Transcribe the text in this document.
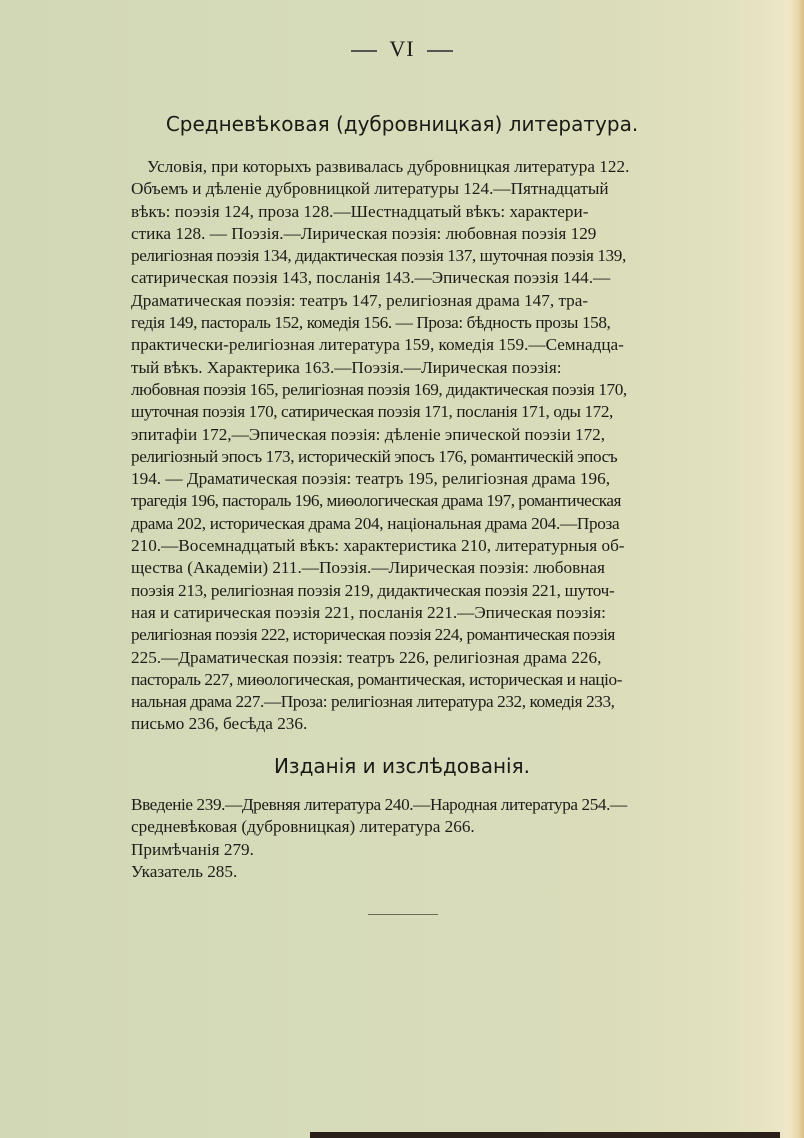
VI
Средневѣковая (дубровницкая) литература.
Условія, при которыхъ развивалась дубровницкая литература 122.
Объемъ и дѣленіе дубровницкой литературы 124.—Пятнадцатый
вѣкъ: поэзія 124, проза 128.—Шестнадцатый вѣкъ: характери-
стика 128. — Поэзія.—Лирическая поэзія: любовная поэзія 129
религіозная поэзія 134, дидактическая поэзія 137, шуточная поэзія 139,
сатирическая поэзія 143, посланія 143.—Эпическая поэзія 144.—
Драматическая поэзія: театръ 147, религіозная драма 147, тра-
гедія 149, пастораль 152, комедія 156. — Проза: бѣдность прозы 158,
практически-религіозная литература 159, комедія 159.—Семнадца-
тый вѣкъ. Характерика 163.—Поэзія.—Лирическая поэзія:
любовная поэзія 165, религіозная поэзія 169, дидактическая поэзія 170,
шуточная поэзія 170, сатирическая поэзія 171, посланія 171, оды 172,
эпитафіи 172,—Эпическая поэзія: дѣленіе эпической поэзіи 172,
религіозный эпосъ 173, историческій эпосъ 176, романтическій эпосъ
194. — Драматическая поэзія: театръ 195, религіозная драма 196,
трагедія 196, пастораль 196, миѳологическая драма 197, романтическая
драма 202, историческая драма 204, національная драма 204.—Проза
210.—Восемнадцатый вѣкъ: характеристика 210, литературныя об-
щества (Академіи) 211.—Поэзія.—Лирическая поэзія: любовная
поэзія 213, религіозная поэзія 219, дидактическая поэзія 221, шуточ-
ная и сатирическая поэзія 221, посланія 221.—Эпическая поэзія:
религіозная поэзія 222, историческая поэзія 224, романтическая поэзія
225.—Драматическая поэзія: театръ 226, религіозная драма 226,
пастораль 227, миѳологическая, романтическая, историческая и націо-
нальная драма 227.—Проза: религіозная литература 232, комедія 233,
письмо 236, бесѣда 236.
Изданія и изслѣдованія.
Введеніе 239.—Древняя литература 240.—Народная литература 254.—
средневѣковая (дубровницкая) литература 266.
Примѣчанія 279.
Указатель 285.
